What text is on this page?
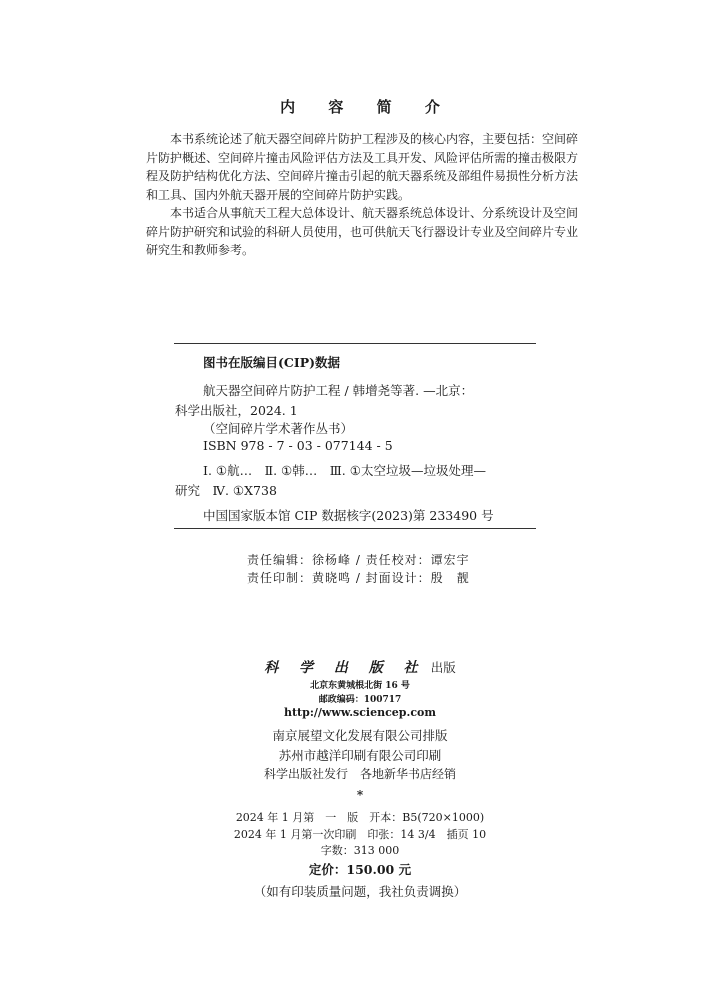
内 容 简 介

本书系统论述了航天器空间碎片防护工程涉及的核心内容，主要包括：空间碎片防护概述、空间碎片撞击风险评估方法及工具开发、风险评估所需的撞击极限方程及防护结构优化方法、空间碎片撞击引起的航天器系统及部组件易损性分析方法和工具、国内外航天器开展的空间碎片防护实践。

本书适合从事航天工程大总体设计、航天器系统总体设计、分系统设计及空间碎片防护研究和试验的科研人员使用，也可供航天飞行器设计专业及空间碎片专业研究生和教师参考。

图书在版编目(CIP)数据
航天器空间碎片防护工程 / 韩增尧等著. —北京：
科学出版社，2024. 1
（空间碎片学术著作丛书）
ISBN 978 - 7 - 03 - 077144 - 5
Ⅰ. ①航…　Ⅱ. ①韩…　Ⅲ. ①太空垃圾—垃圾处理—
研究　Ⅳ. ①X738
中国国家版本馆 CIP 数据核字(2023)第 233490 号
责任编辑：徐杨峰 / 责任校对：谭宏宇
责任印制：黄晓鸣 / 封面设计：殷　靓
科 学 出 版 社 出版
北京东黄城根北街 16 号
邮政编码：100717
http://www.sciencep.com
南京展望文化发展有限公司排版
苏州市越洋印刷有限公司印刷
科学出版社发行　各地新华书店经销
*
2024 年 1 月第　一　版　开本：B5(720×1000)
2024 年 1 月第一次印刷　印张：14 3/4　插页 10
字数：313 000
定价：150.00 元
（如有印装质量问题，我社负责调换）
